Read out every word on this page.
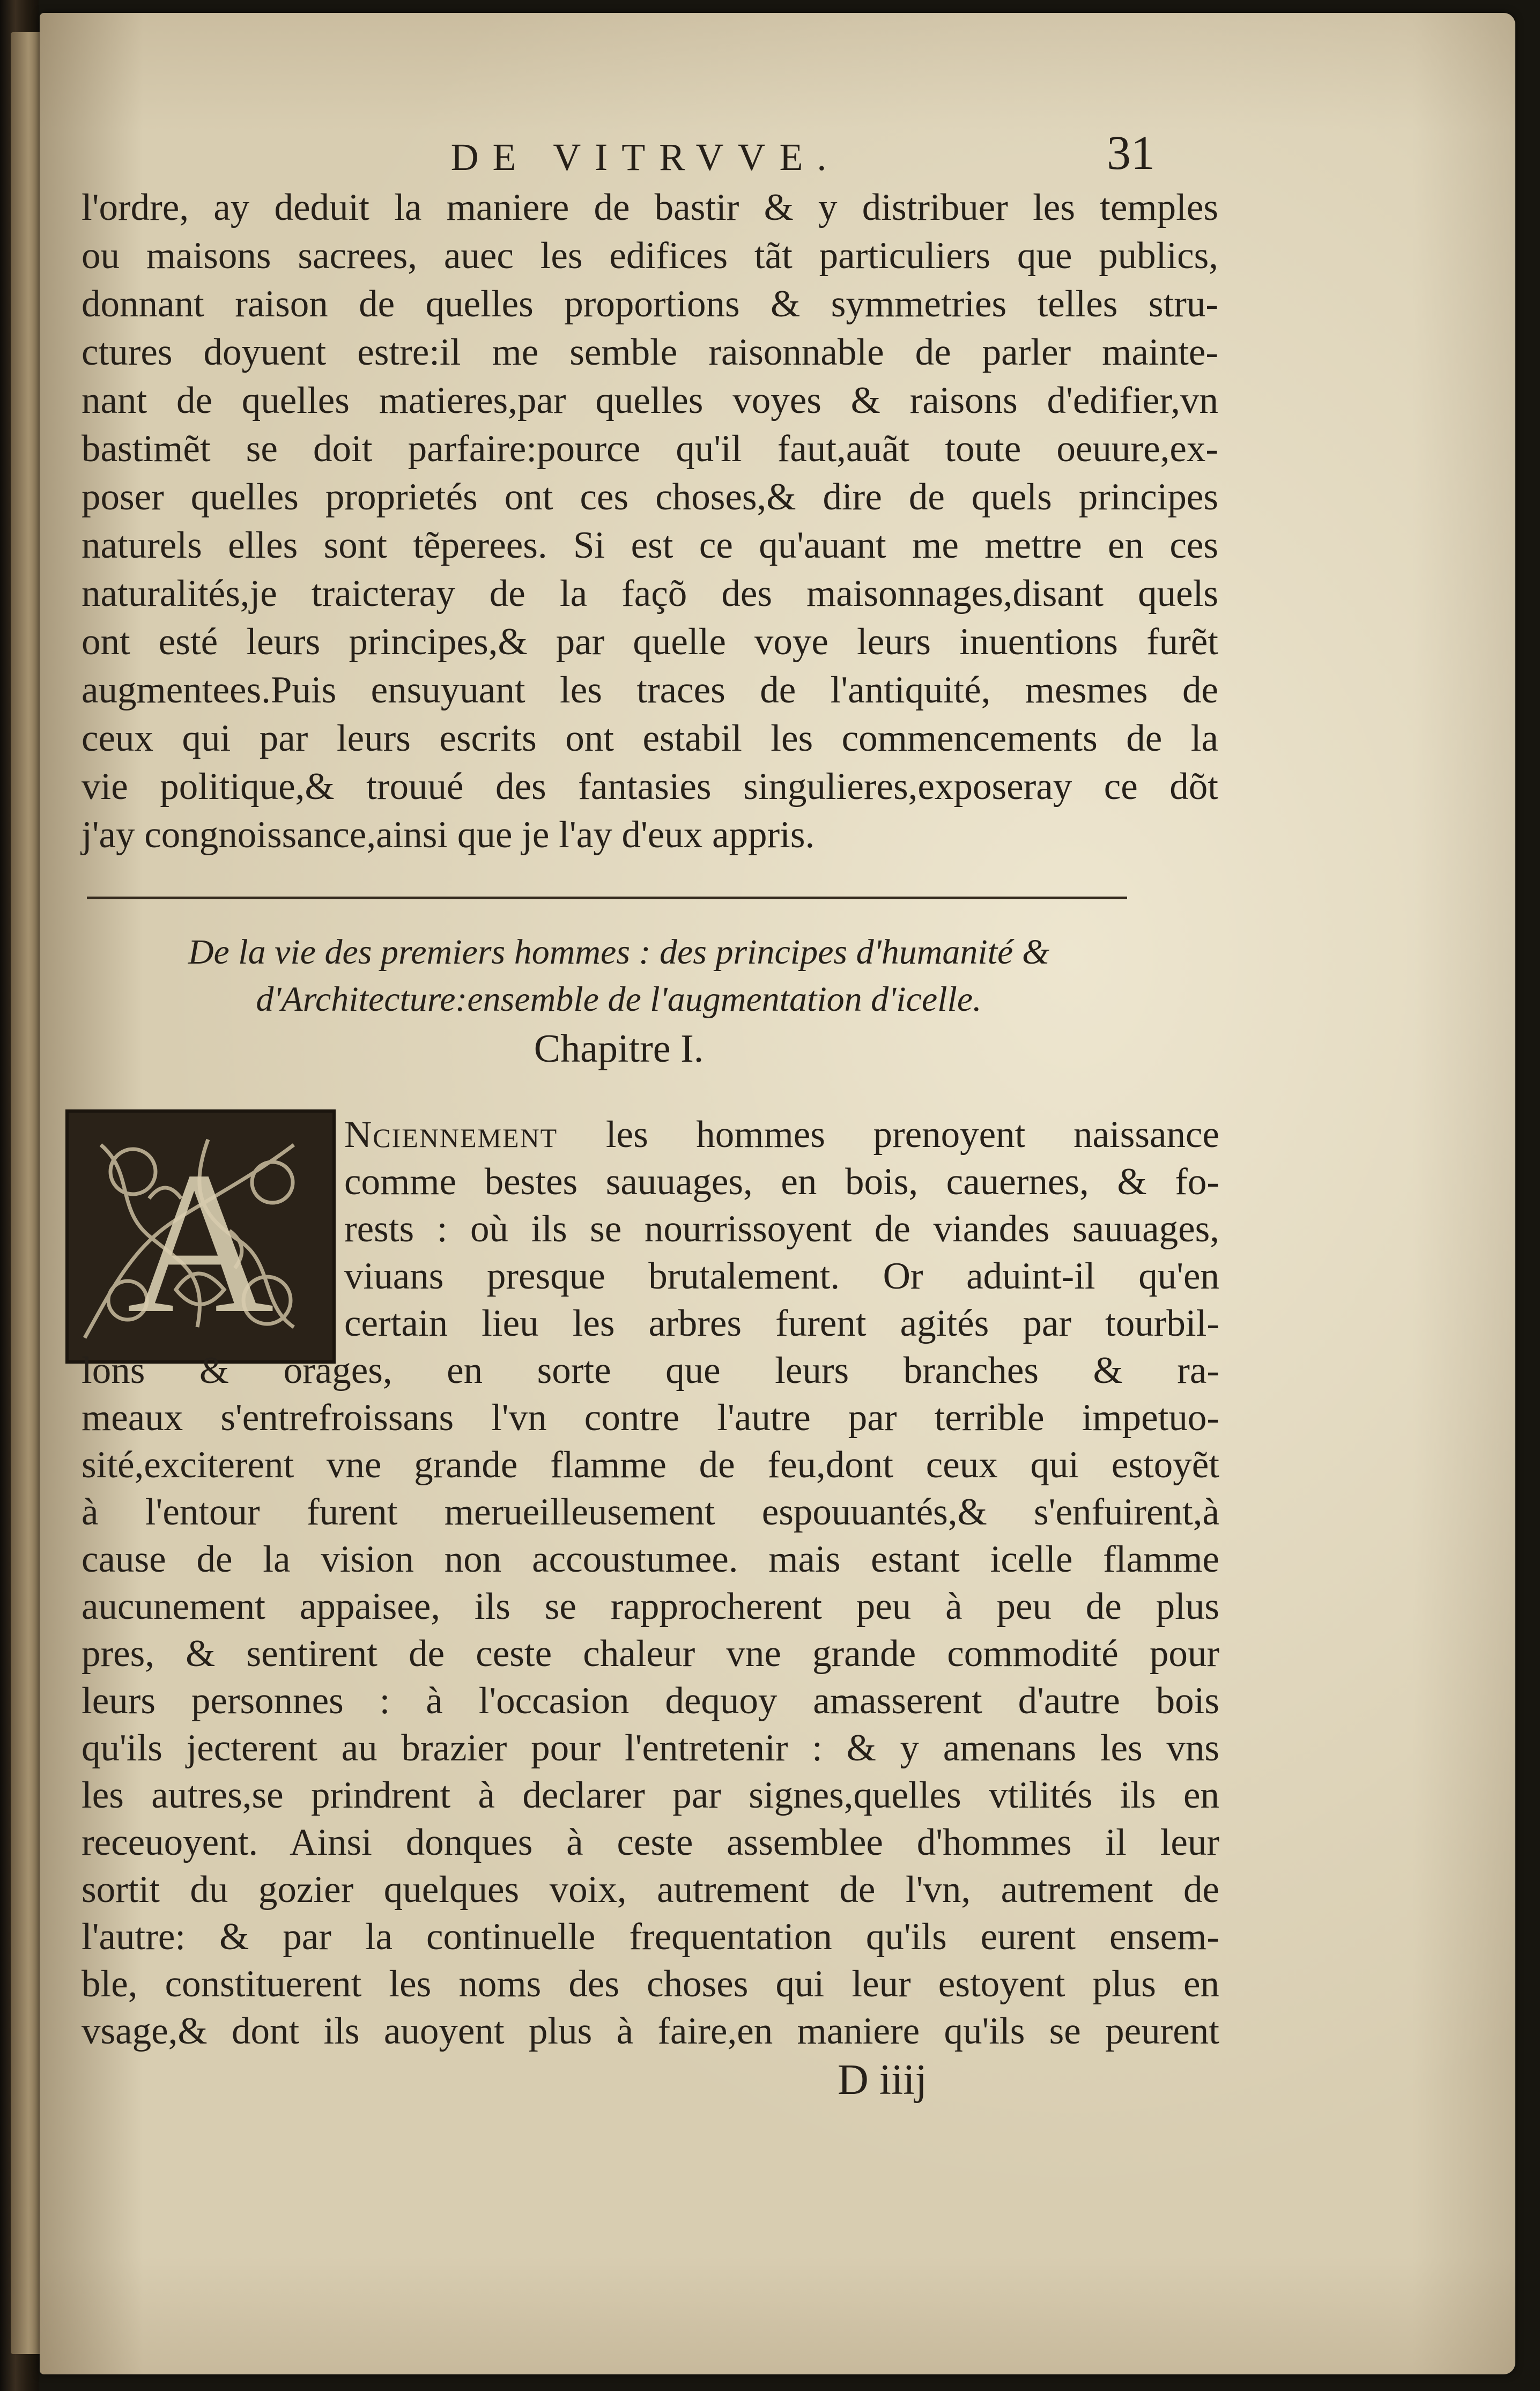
DE VITRVVE.	31
l'ordre, ay deduit la maniere de bastir & y distribuer les temples
ou maisons sacrees, auec les edifices tãt particuliers que publics,
donnant raison de quelles proportions & symmetries telles stru-
ctures doyuent estre:il me semble raisonnable de parler mainte-
nant de quelles matieres,par quelles voyes & raisons d'edifier,vn
bastimẽt se doit parfaire:pource qu'il faut,auãt toute oeuure,ex-
poser quelles proprietés ont ces choses,& dire de quels principes
naturels elles sont tẽperees. Si est ce qu'auant me mettre en ces
naturalités,je traicteray de la façõ des maisonnages,disant quels
ont esté leurs principes,& par quelle voye leurs inuentions furẽt
augmentees.Puis ensuyuant les traces de l'antiquité, mesmes de
ceux qui par leurs escrits ont estabil les commencements de la
vie politique,& trouué des fantasies singulieres,exposeray ce dõt
j'ay congnoissance,ainsi que je l'ay d'eux appris.
De la vie des premiers hommes : des principes d'humanité &
d'Architecture:ensemble de l'augmentation d'icelle.
Chapitre I.
A Nciennement les hommes prenoyent naissance
comme bestes sauuages, en bois, cauernes, & fo-
rests : où ils se nourrissoyent de viandes sauuages,
viuans presque brutalement. Or aduint-il qu'en
certain lieu les arbres furent agités par tourbil-
lons & orages, en sorte que leurs branches & ra-
meaux s'entrefroissans l'vn contre l'autre par terrible impetuo-
sité,exciterent vne grande flamme de feu,dont ceux qui estoyẽt
à l'entour furent merueilleusement espouuantés,& s'enfuirent,à
cause de la vision non accoustumee. mais estant icelle flamme
aucunement appaisee, ils se rapprocherent peu à peu de plus
pres, & sentirent de ceste chaleur vne grande commodité pour
leurs personnes : à l'occasion dequoy amasserent d'autre bois
qu'ils jecterent au brazier pour l'entretenir : & y amenans les vns
les autres,se prindrent à declarer par signes,quelles vtilités ils en
receuoyent. Ainsi donques à ceste assemblee d'hommes il leur
sortit du gozier quelques voix, autrement de l'vn, autrement de
l'autre: & par la continuelle frequentation qu'ils eurent ensem-
ble, constituerent les noms des choses qui leur estoyent plus en
vsage,& dont ils auoyent plus à faire,en maniere qu'ils se peurent
D iiij
